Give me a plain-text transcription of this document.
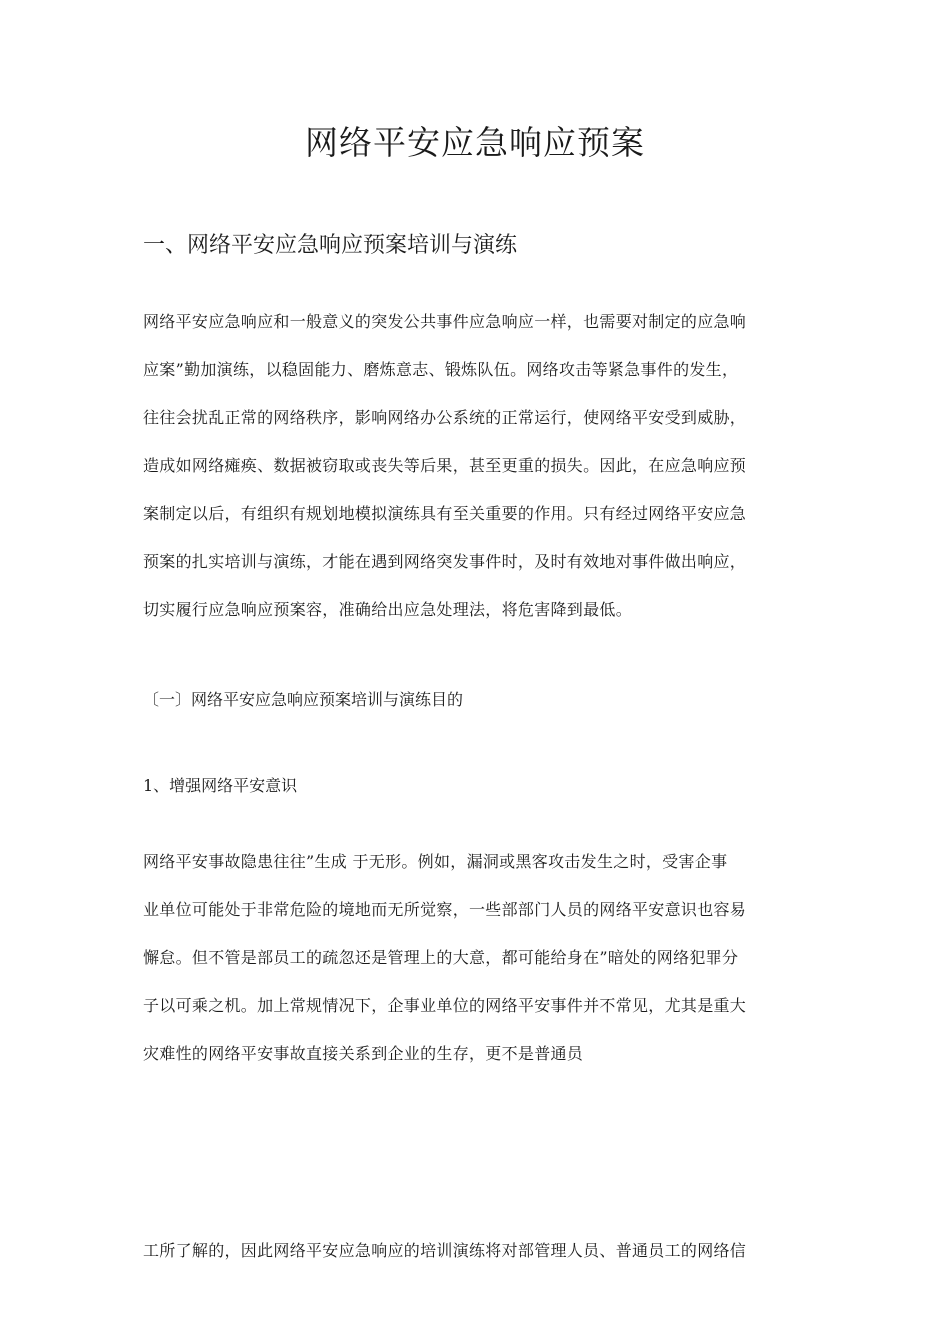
网络平安应急响应预案
一、网络平安应急响应预案培训与演练

网络平安应急响应和一般意义的突发公共事件应急响应一样，也需要对制定的应急响
应案”勤加演练，以稳固能力、磨炼意志、锻炼队伍。网络攻击等紧急事件的发生，
往往会扰乱正常的网络秩序，影响网络办公系统的正常运行，使网络平安受到威胁，
造成如网络瘫痪、数据被窃取或丧失等后果，甚至更重的损失。因此，在应急响应预
案制定以后，有组织有规划地模拟演练具有至关重要的作用。只有经过网络平安应急
预案的扎实培训与演练，才能在遇到网络突发事件时，及时有效地对事件做出响应，
切实履行应急响应预案容，准确给出应急处理法，将危害降到最低。

〔一〕网络平安应急响应预案培训与演练目的
1、增强网络平安意识

网络平安事故隐患往往”生成 于无形。例如，漏洞或黑客攻击发生之时，受害企事
业单位可能处于非常危险的境地而无所觉察，一些部部门人员的网络平安意识也容易
懈怠。但不管是部员工的疏忽还是管理上的大意，都可能给身在”暗处的网络犯罪分
子以可乘之机。加上常规情况下，企事业单位的网络平安事件并不常见，尤其是重大
灾难性的网络平安事故直接关系到企业的生存，更不是普通员

工所了解的，因此网络平安应急响应的培训演练将对部管理人员、普通员工的网络信
